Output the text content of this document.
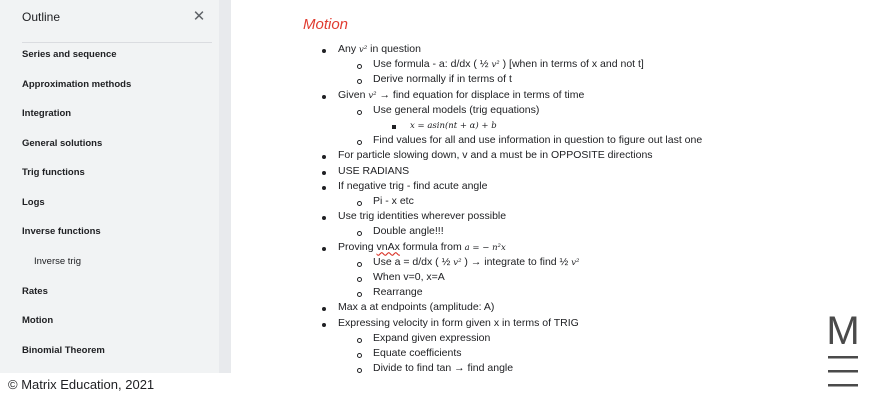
Outline	✕
Series and sequence
Approximation methods
Integration
General solutions
Trig functions
Logs
Inverse functions
Inverse trig
Rates
Motion
Binomial Theorem
© Matrix Education, 2021
Motion
Any v² in question
Use formula - a: d/dx ( ½ v² ) [when in terms of x and not t]
Derive normally if in terms of t
Given v² → find equation for displace in terms of time
Use general models (trig equations)
x = asin(nt + α) + b
Find values for all and use information in question to figure out last one
For particle slowing down, v and a must be in OPPOSITE directions
USE RADIANS
If negative trig - find acute angle
Pi - x etc
Use trig identities wherever possible
Double angle!!!
Proving vnAx formula from a = − n²x
Use a = d/dx ( ½ v² ) → integrate to find ½ v²
When v=0, x=A
Rearrange
Max a at endpoints (amplitude: A)
Expressing velocity in form given x in terms of TRIG
Expand given expression
Equate coefficients
Divide to find tan → find angle
M
